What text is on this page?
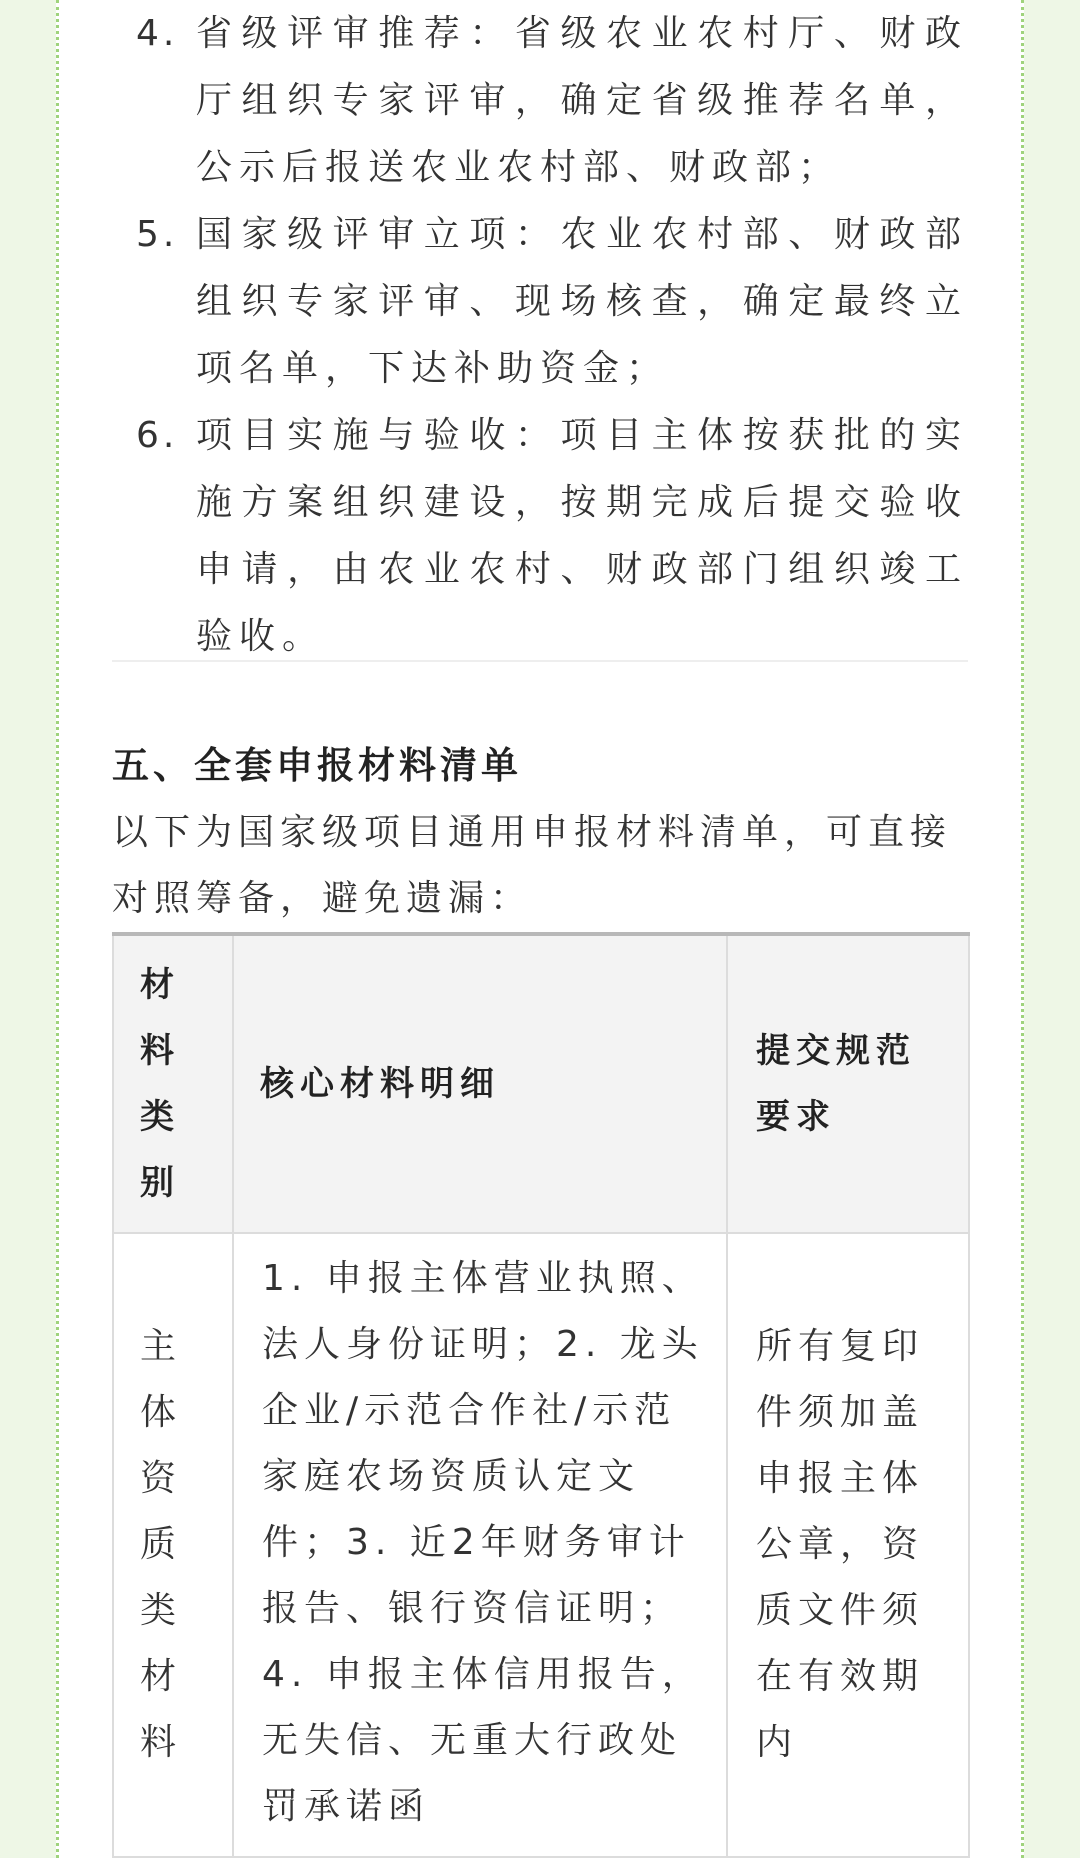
4. 省级评审推荐：省级农业农村厅、财政厅组织专家评审，确定省级推荐名单，公示后报送农业农村部、财政部；
5. 国家级评审立项：农业农村部、财政部组织专家评审、现场核查，确定最终立项名单，下达补助资金；
6. 项目实施与验收：项目主体按获批的实施方案组织建设，按期完成后提交验收申请，由农业农村、财政部门组织竣工验收。
五、全套申报材料清单

以下为国家级项目通用申报材料清单，可直接对照筹备，避免遗漏：

材料类别	核心材料明细	提交规范要求

主体资质类材料	1. 申报主体营业执照、法人身份证明；2. 龙头企业/示范合作社/示范家庭农场资质认定文件；3. 近2年财务审计报告、银行资信证明；4. 申报主体信用报告，无失信、无重大行政处罚承诺函	所有复印件须加盖申报主体公章，资质文件须在有效期内
